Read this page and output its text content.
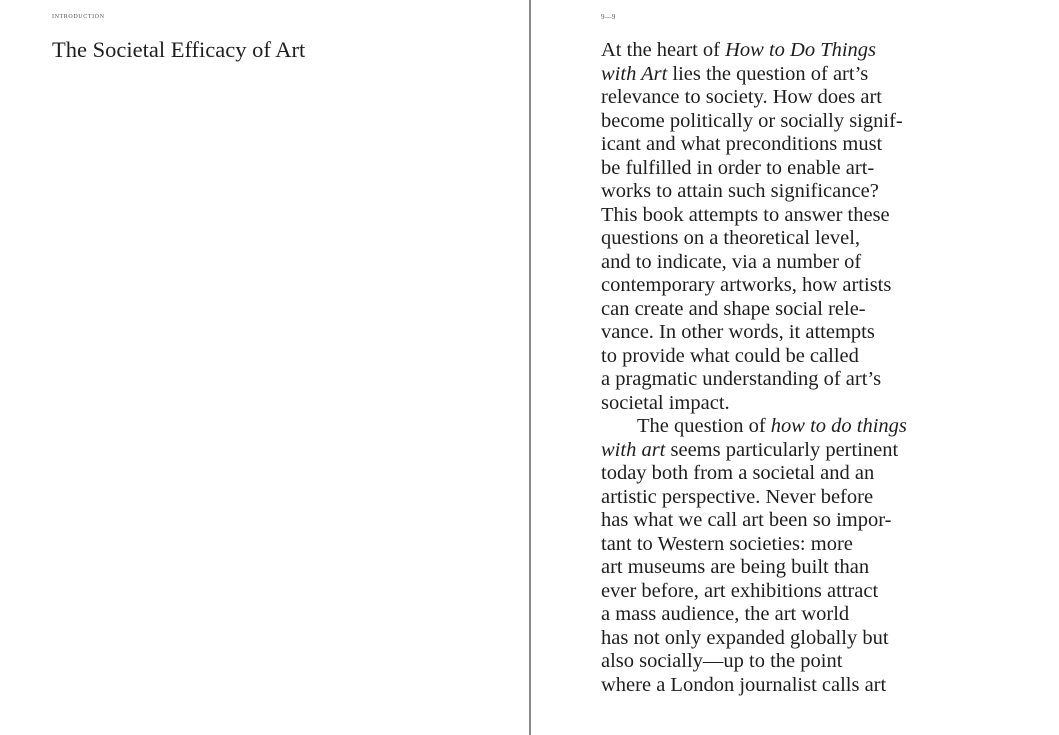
INTRODUCTION
The Societal Efficacy of Art
9—9
At the heart of How to Do Things
with Art lies the question of art’s
relevance to society. How does art
become politically or socially signif-
icant and what preconditions must
be fulfilled in order to enable art-
works to attain such significance?
This book attempts to answer these
questions on a theoretical level,
and to indicate, via a number of
contemporary artworks, how artists
can create and shape social rele-
vance. In other words, it attempts
to provide what could be called
a pragmatic understanding of art’s
societal impact.
The question of how to do things
with art seems particularly pertinent
today both from a societal and an
artistic perspective. Never before
has what we call art been so impor-
tant to Western societies: more
art museums are being built than
ever before, art exhibitions attract
a mass audience, the art world
has not only expanded globally but
also socially—up to the point
where a London journalist calls art
